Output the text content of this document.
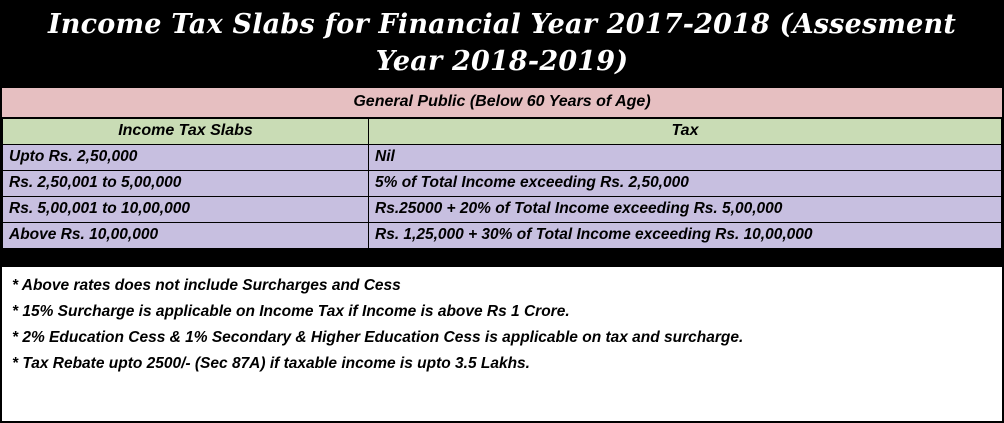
Income Tax Slabs for Financial Year 2017-2018 (Assesment Year 2018-2019)
General Public (Below 60 Years of Age)
Income Tax Slabs	Tax
Upto Rs. 2,50,000	Nil
Rs. 2,50,001 to 5,00,000	5% of Total Income exceeding Rs. 2,50,000
Rs. 5,00,001 to 10,00,000	Rs.25000 + 20% of Total Income exceeding Rs. 5,00,000
Above Rs. 10,00,000	Rs. 1,25,000 + 30% of Total Income exceeding Rs. 10,00,000
* Above rates does not include Surcharges and Cess
* 15% Surcharge is applicable on Income Tax if Income is above Rs 1 Crore.
* 2% Education Cess & 1% Secondary & Higher Education Cess is applicable on tax and surcharge.
* Tax Rebate upto 2500/- (Sec 87A) if taxable income is upto 3.5 Lakhs.
